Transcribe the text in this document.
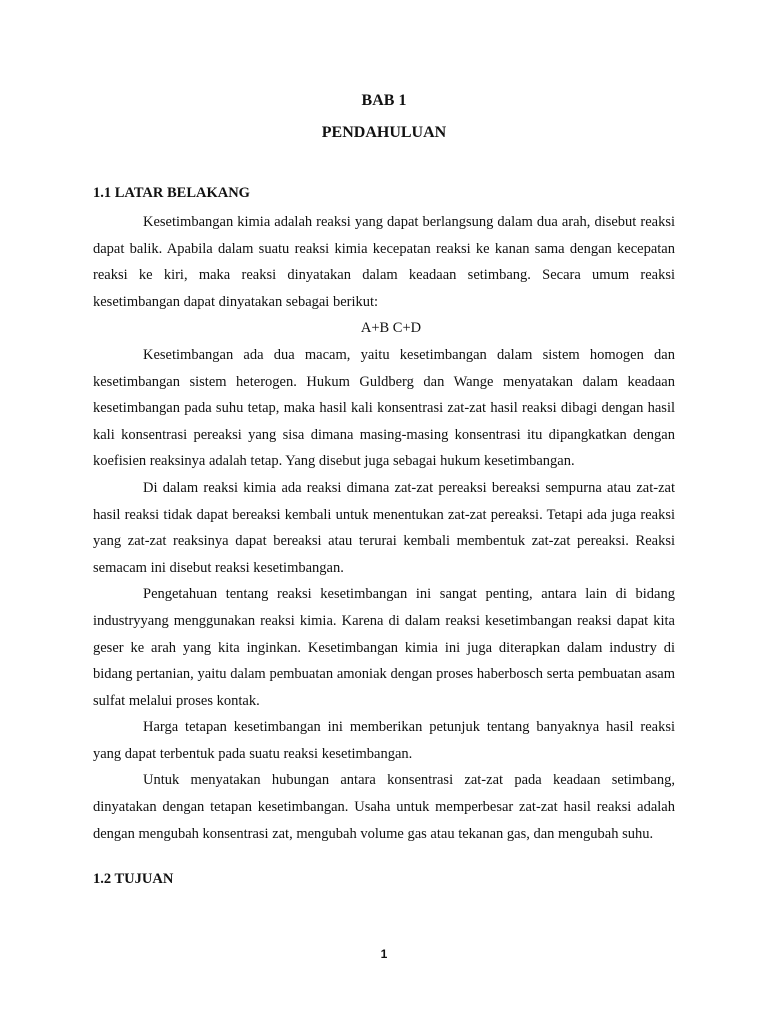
BAB 1
PENDAHULUAN
1.1 LATAR BELAKANG

Kesetimbangan kimia adalah reaksi yang dapat berlangsung dalam dua arah, disebut reaksi dapat balik. Apabila dalam suatu reaksi kimia kecepatan reaksi ke kanan sama dengan kecepatan reaksi ke kiri, maka reaksi dinyatakan dalam keadaan setimbang. Secara umum reaksi kesetimbangan dapat dinyatakan sebagai berikut:

A+B C+D

Kesetimbangan ada dua macam, yaitu kesetimbangan dalam sistem homogen dan kesetimbangan sistem heterogen. Hukum Guldberg dan Wange menyatakan dalam keadaan kesetimbangan pada suhu tetap, maka hasil kali konsentrasi zat-zat hasil reaksi dibagi dengan hasil kali konsentrasi pereaksi yang sisa dimana masing-masing konsentrasi itu dipangkatkan dengan koefisien reaksinya adalah tetap. Yang disebut juga sebagai hukum kesetimbangan.

Di dalam reaksi kimia ada reaksi dimana zat-zat pereaksi bereaksi sempurna atau zat-zat hasil reaksi tidak dapat bereaksi kembali untuk menentukan zat-zat pereaksi. Tetapi ada juga reaksi yang zat-zat reaksinya dapat bereaksi atau terurai kembali membentuk zat-zat pereaksi. Reaksi semacam ini disebut reaksi kesetimbangan.

Pengetahuan tentang reaksi kesetimbangan ini sangat penting, antara lain di bidang industryyang menggunakan reaksi kimia. Karena di dalam reaksi kesetimbangan reaksi dapat kita geser ke arah yang kita inginkan. Kesetimbangan kimia ini juga diterapkan dalam industry di bidang pertanian, yaitu dalam pembuatan amoniak dengan proses haberbosch serta pembuatan asam sulfat melalui proses kontak.

Harga tetapan kesetimbangan ini memberikan petunjuk tentang banyaknya hasil reaksi yang dapat terbentuk pada suatu reaksi kesetimbangan.

Untuk menyatakan hubungan antara konsentrasi zat-zat pada keadaan setimbang, dinyatakan dengan tetapan kesetimbangan. Usaha untuk memperbesar zat-zat hasil reaksi adalah dengan mengubah konsentrasi zat, mengubah volume gas atau tekanan gas, dan mengubah suhu.

1.2 TUJUAN
1
